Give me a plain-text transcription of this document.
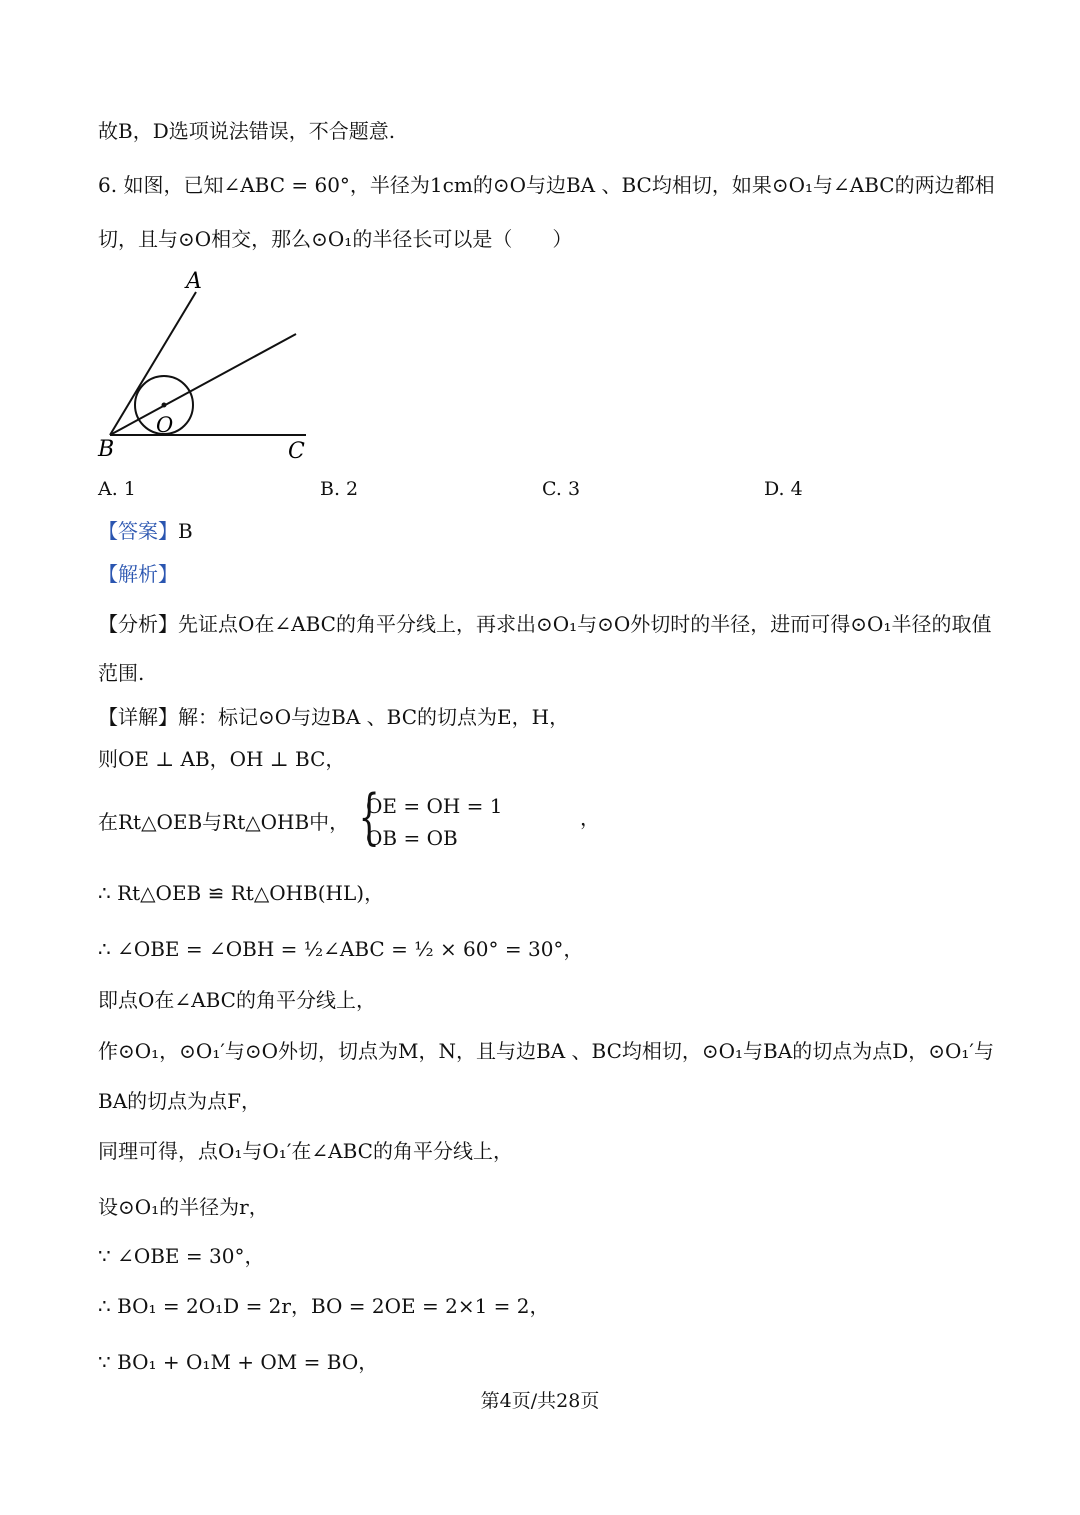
故B，D选项说法错误，不合题意.
6. 如图，已知∠ABC = 60°，半径为1cm的⊙O与边BA 、BC均相切，如果⊙O₁与∠ABC的两边都相
切，且与⊙O相交，那么⊙O₁的半径长可以是（　　）
A
B	C
O
A. 1	B. 2	C. 3	D. 4
【答案】B
【解析】
【分析】先证点O在∠ABC的角平分线上，再求出⊙O₁与⊙O外切时的半径，进而可得⊙O₁半径的取值
范围.
【详解】解：标记⊙O与边BA 、BC的切点为E，H，
则OE ⊥ AB，OH ⊥ BC，
在Rt△OEB与Rt△OHB中， {
OE = OH = 1
OB = OB
，
∴ Rt△OEB ≌ Rt△OHB(HL)，
∴ ∠OBE = ∠OBH = ½∠ABC = ½ × 60° = 30°，
即点O在∠ABC的角平分线上，
作⊙O₁，⊙O₁′与⊙O外切，切点为M，N，且与边BA 、BC均相切，⊙O₁与BA的切点为点D，⊙O₁′与
BA的切点为点F，
同理可得，点O₁与O₁′在∠ABC的角平分线上，
设⊙O₁的半径为r，
∵ ∠OBE = 30°，
∴ BO₁ = 2O₁D = 2r，BO = 2OE = 2×1 = 2，
∵ BO₁ + O₁M + OM = BO，
第4页/共28页
